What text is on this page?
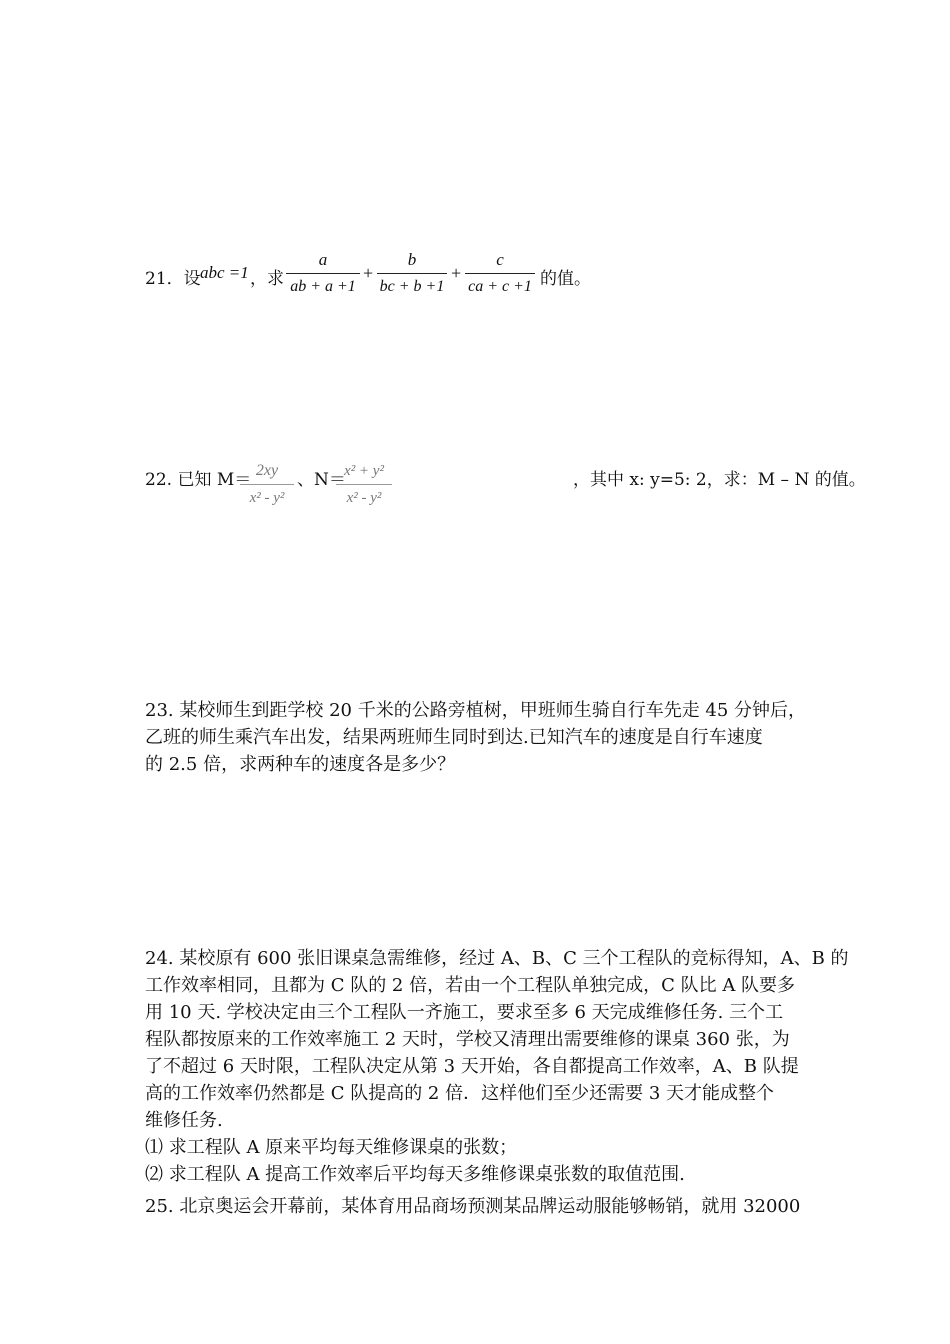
21．设 abc =1 ，求
a
ab + a +1
+
b
bc + b +1
+
c
ca + c +1 的值。
22. 已知 M＝ 2xy
x² - y²
、N＝
x² + y²
x² - y²
，其中 x: y=5: 2，求：M – N 的值。
23. 某校师生到距学校 20 千米的公路旁植树，甲班师生骑自行车先走 45 分钟后，
乙班的师生乘汽车出发，结果两班师生同时到达.已知汽车的速度是自行车速度
的 2.5 倍，求两种车的速度各是多少？
24. 某校原有 600 张旧课桌急需维修，经过 A、B、C 三个工程队的竞标得知，A、B 的
工作效率相同，且都为 C 队的 2 倍，若由一个工程队单独完成，C 队比 A 队要多
用 10 天. 学校决定由三个工程队一齐施工，要求至多 6 天完成维修任务. 三个工
程队都按原来的工作效率施工 2 天时，学校又清理出需要维修的课桌 360 张，为
了不超过 6 天时限，工程队决定从第 3 天开始，各自都提高工作效率，A、B 队提
高的工作效率仍然都是 C 队提高的 2 倍．这样他们至少还需要 3 天才能成整个
维修任务.
⑴ 求工程队 A 原来平均每天维修课桌的张数；
⑵ 求工程队 A 提高工作效率后平均每天多维修课桌张数的取值范围.
25. 北京奥运会开幕前，某体育用品商场预测某品牌运动服能够畅销，就用 32000
